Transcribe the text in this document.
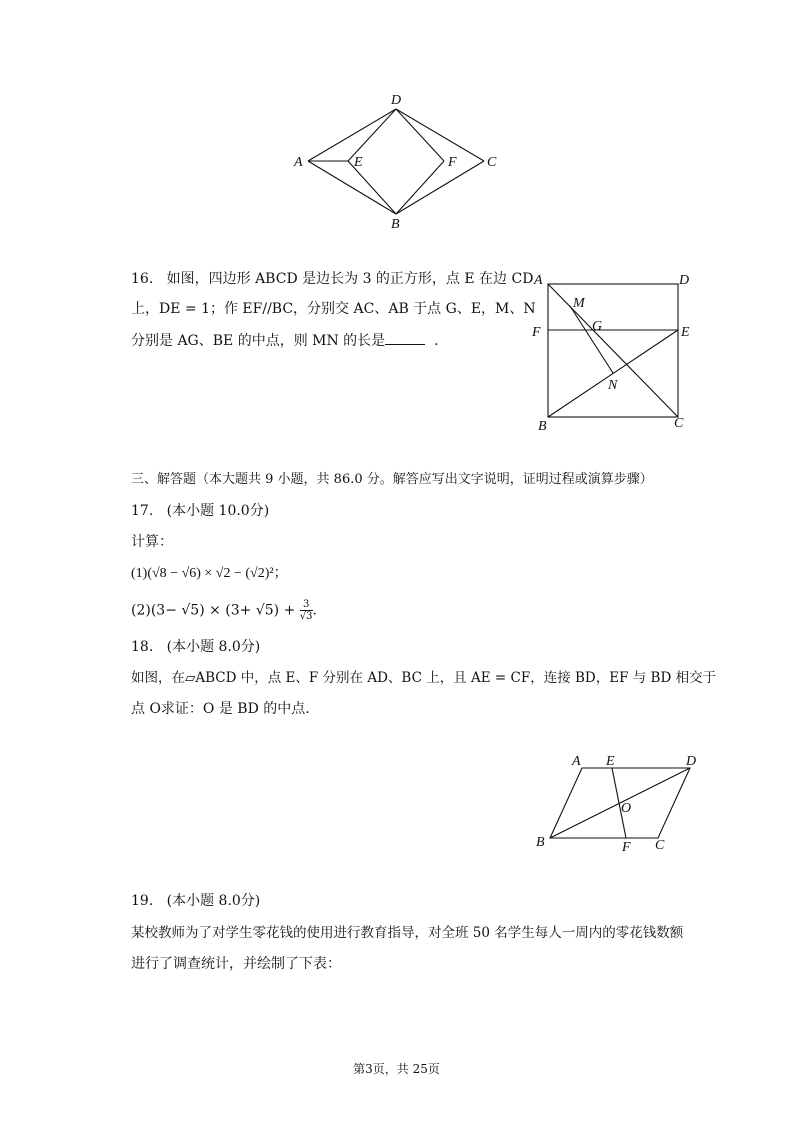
D
A	E	F C
B
16. 如图，四边形 ABCD 是边长为 3 的正方形，点 E 在边 CD
上，DE = 1；作 EF//BC，分别交 AC、AB 于点 G、E，M、N
分别是 AG、BE 的中点，则 MN 的长是	.
A	D
M
G
F	E
N
B	C
三、解答题（本大题共 9 小题，共 86.0 分。解答应写出文字说明，证明过程或演算步骤）
17. (本小题 10.0分)
计算：
(1)(√8 − √6) × √2 − (√2)²；
$(2)(3- √5) \times (3+ √5) + \frac{3}{√3}$ .
18. (本小题 8.0分)
如图，在▱ABCD 中，点 E、F 分别在 AD、BC 上，且 AE = CF，连接 BD，EF 与 BD 相交于
点 O求证：O 是 BD 的中点.
A E	D
O
B	F C
19. (本小题 8.0分)
某校教师为了对学生零花钱的使用进行教育指导，对全班 50 名学生每人一周内的零花钱数额
进行了调查统计，并绘制了下表：
第3页，共 25页
